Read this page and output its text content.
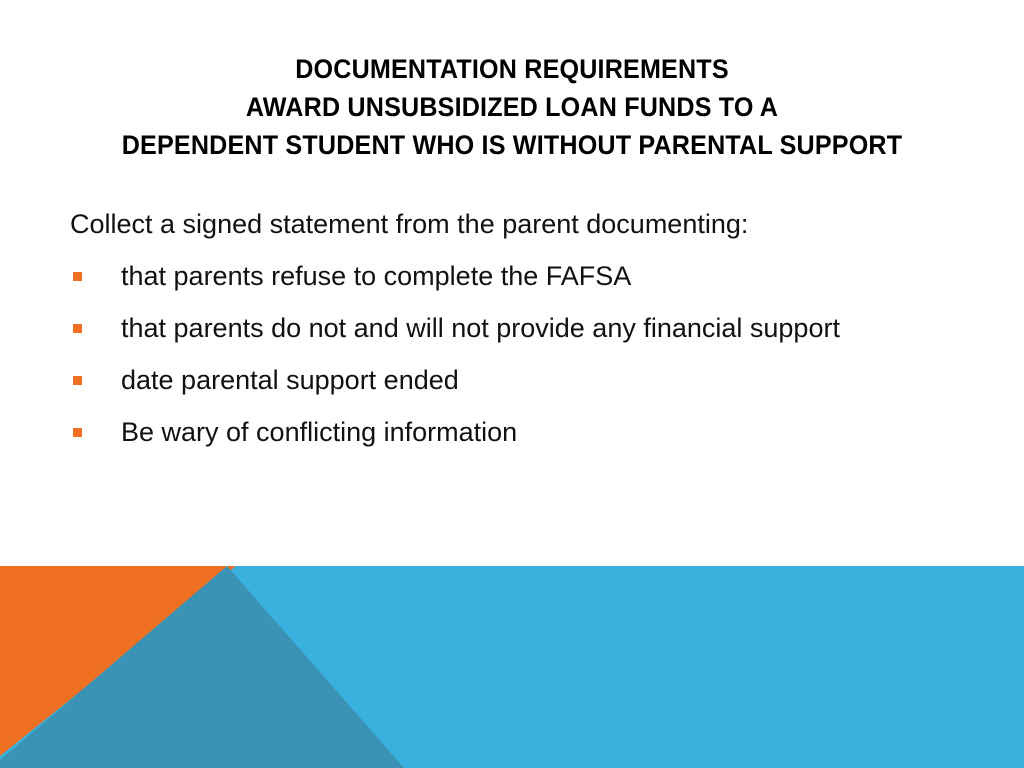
DOCUMENTATION REQUIREMENTS
AWARD UNSUBSIDIZED LOAN FUNDS TO A
DEPENDENT STUDENT WHO IS WITHOUT PARENTAL SUPPORT

Collect a signed statement from the parent documenting:

that parents refuse to complete the FAFSA
that parents do not and will not provide any financial support
date parental support ended
Be wary of conflicting information
